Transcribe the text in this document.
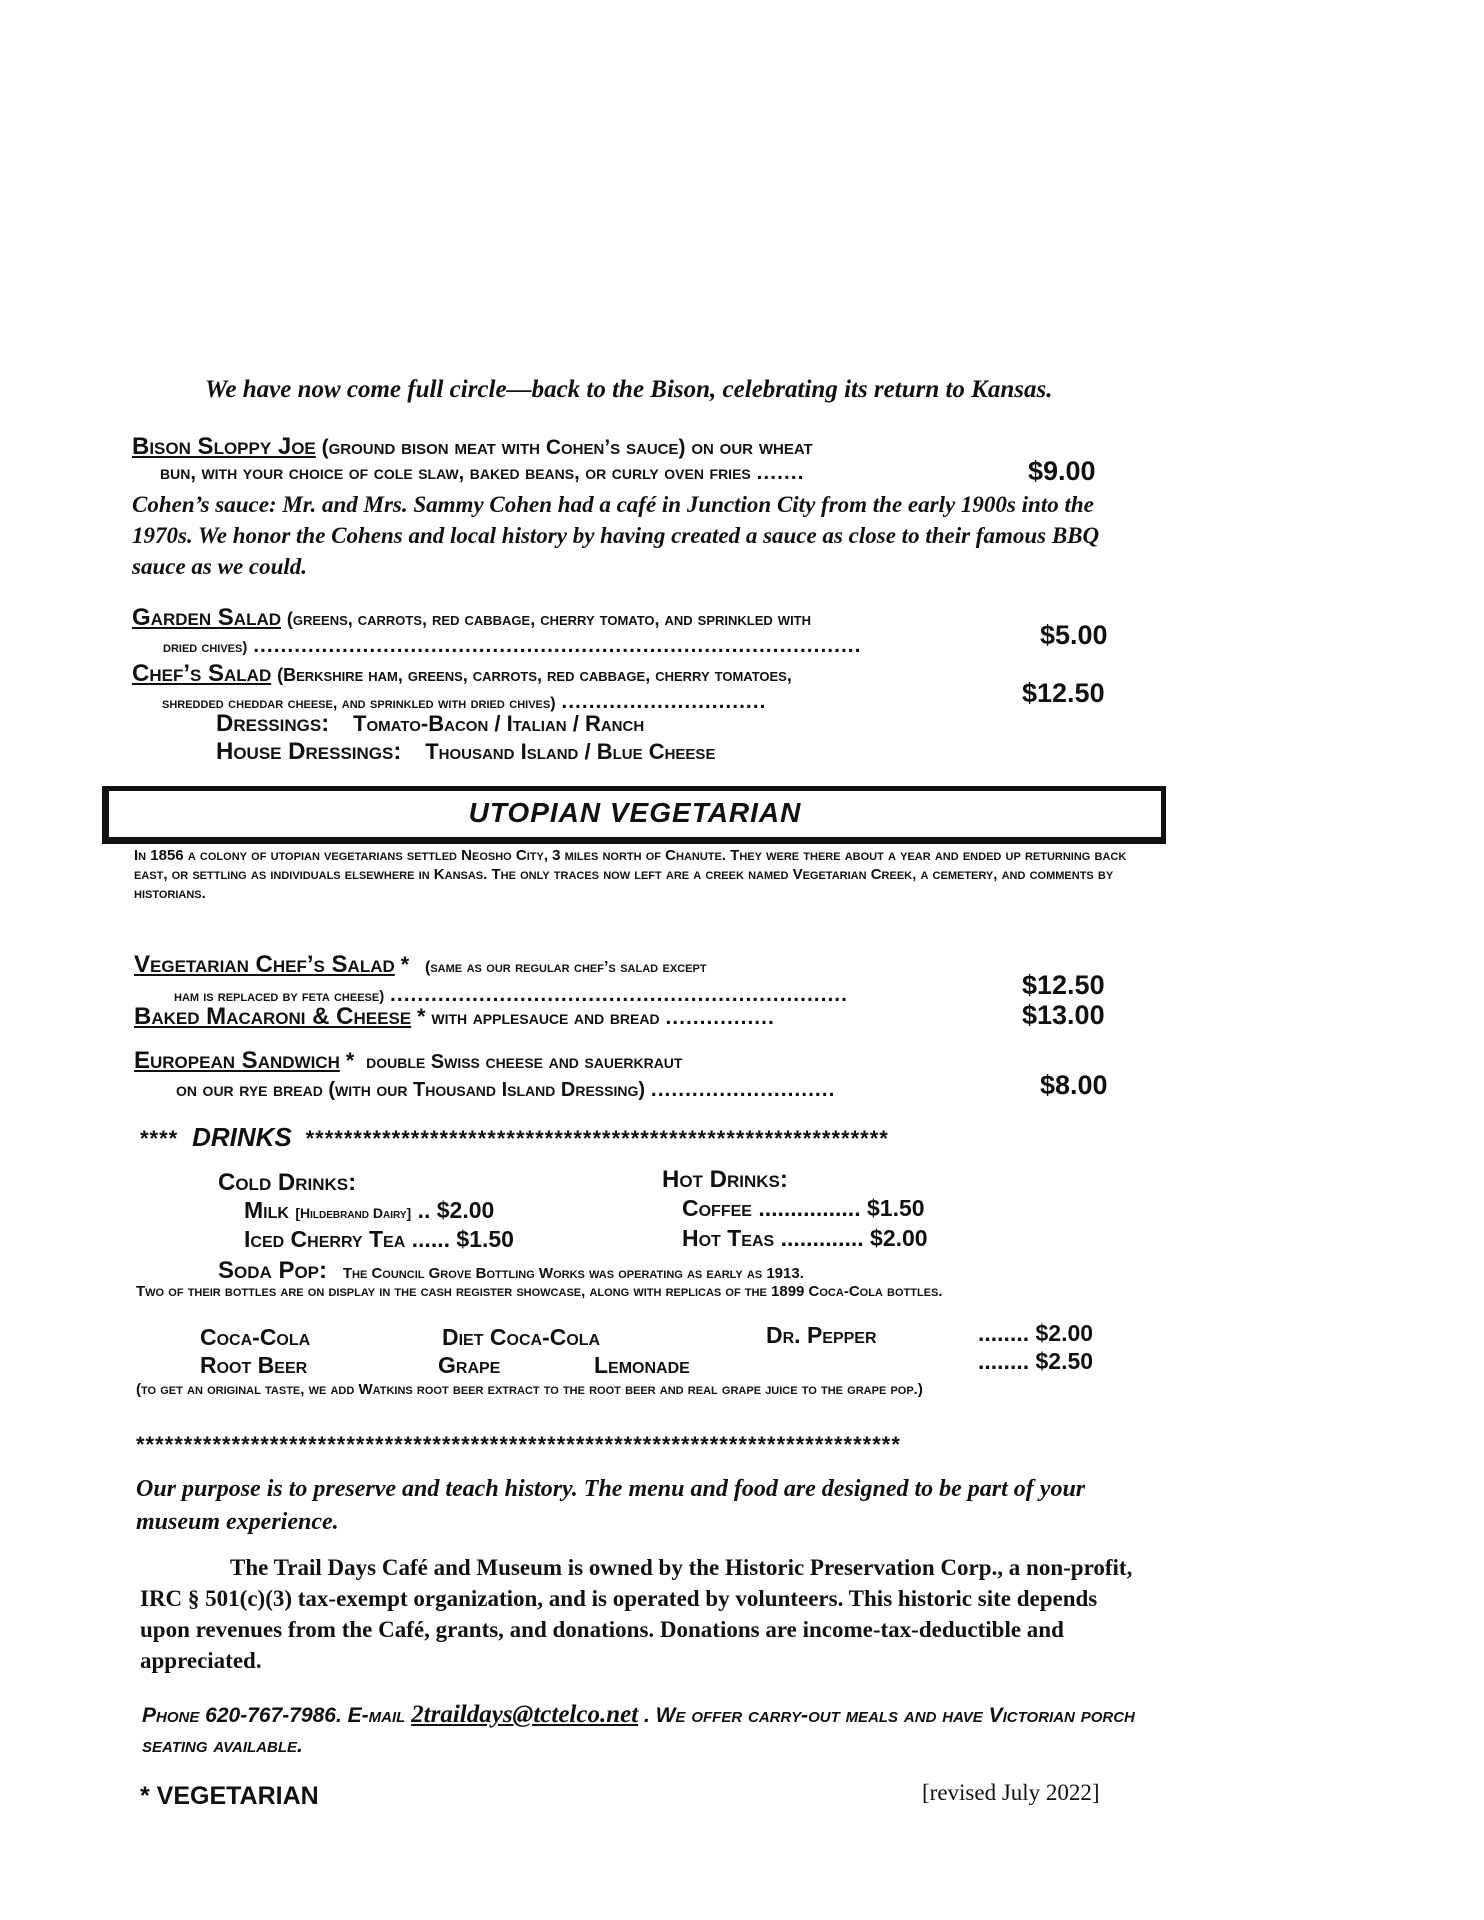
We have now come full circle—back to the Bison, celebrating its return to Kansas.
Bison Sloppy Joe (ground bison meat with Cohen’s sauce) on our wheat
bun, with your choice of cole slaw, baked beans, or curly oven fries .......	$9.00
Cohen’s sauce: Mr. and Mrs. Sammy Cohen had a café in Junction City from the early 1900s into the 1970s. We honor the Cohens and local history by having created a sauce as close to their famous BBQ sauce as we could.
Garden Salad (greens, carrots, red cabbage, cherry tomato, and sprinkled with
dried chives) .........................................................................................	$5.00
Chef’s Salad (Berkshire ham, greens, carrots, red cabbage, cherry tomatoes,
shredded cheddar cheese, and sprinkled with dried chives) ..............................	$12.50
Dressings: Tomato-Bacon / Italian / Ranch
House Dressings: Thousand Island / Blue Cheese
UTOPIAN VEGETARIAN
In 1856 a colony of utopian vegetarians settled Neosho City, 3 miles north of Chanute. They were there about a year and ended up returning back east, or settling as individuals elsewhere in Kansas. The only traces now left are a creek named Vegetarian Creek, a cemetery, and comments by historians.
Vegetarian Chef’s Salad * (same as our regular chef’s salad except
ham is replaced by feta cheese) ...................................................................	$12.50
Baked Macaroni & Cheese * with applesauce and bread ................	$13.00
European Sandwich * double Swiss cheese and sauerkraut
on our rye bread (with our Thousand Island Dressing) ...........................	$8.00
**** DRINKS *************************************************************
Cold Drinks:
Milk [Hildebrand Dairy] .. $2.00
Iced Cherry Tea ...... $1.50
Hot Drinks:
Coffee ................ $1.50
Hot Teas ............. $2.00
Soda Pop: The Council Grove Bottling Works was operating as early as 1913.
Two of their bottles are on display in the cash register showcase, along with replicas of the 1899 Coca-Cola bottles.
Coca-Cola	Diet Coca-Cola	Dr. Pepper	........ $2.00
Root Beer	Grape	Lemonade	........ $2.50
(to get an original taste, we add Watkins root beer extract to the root beer and real grape juice to the grape pop.)
********************************************************************************
Our purpose is to preserve and teach history. The menu and food are designed to be part of your museum experience.
The Trail Days Café and Museum is owned by the Historic Preservation Corp., a non-profit, IRC § 501(c)(3) tax-exempt organization, and is operated by volunteers. This historic site depends upon revenues from the Café, grants, and donations. Donations are income-tax-deductible and appreciated.
Phone 620-767-7986. E-mail 2traildays@tctelco.net . We offer carry-out meals and have Victorian porch seating available.
* VEGETARIAN	[revised July 2022]
